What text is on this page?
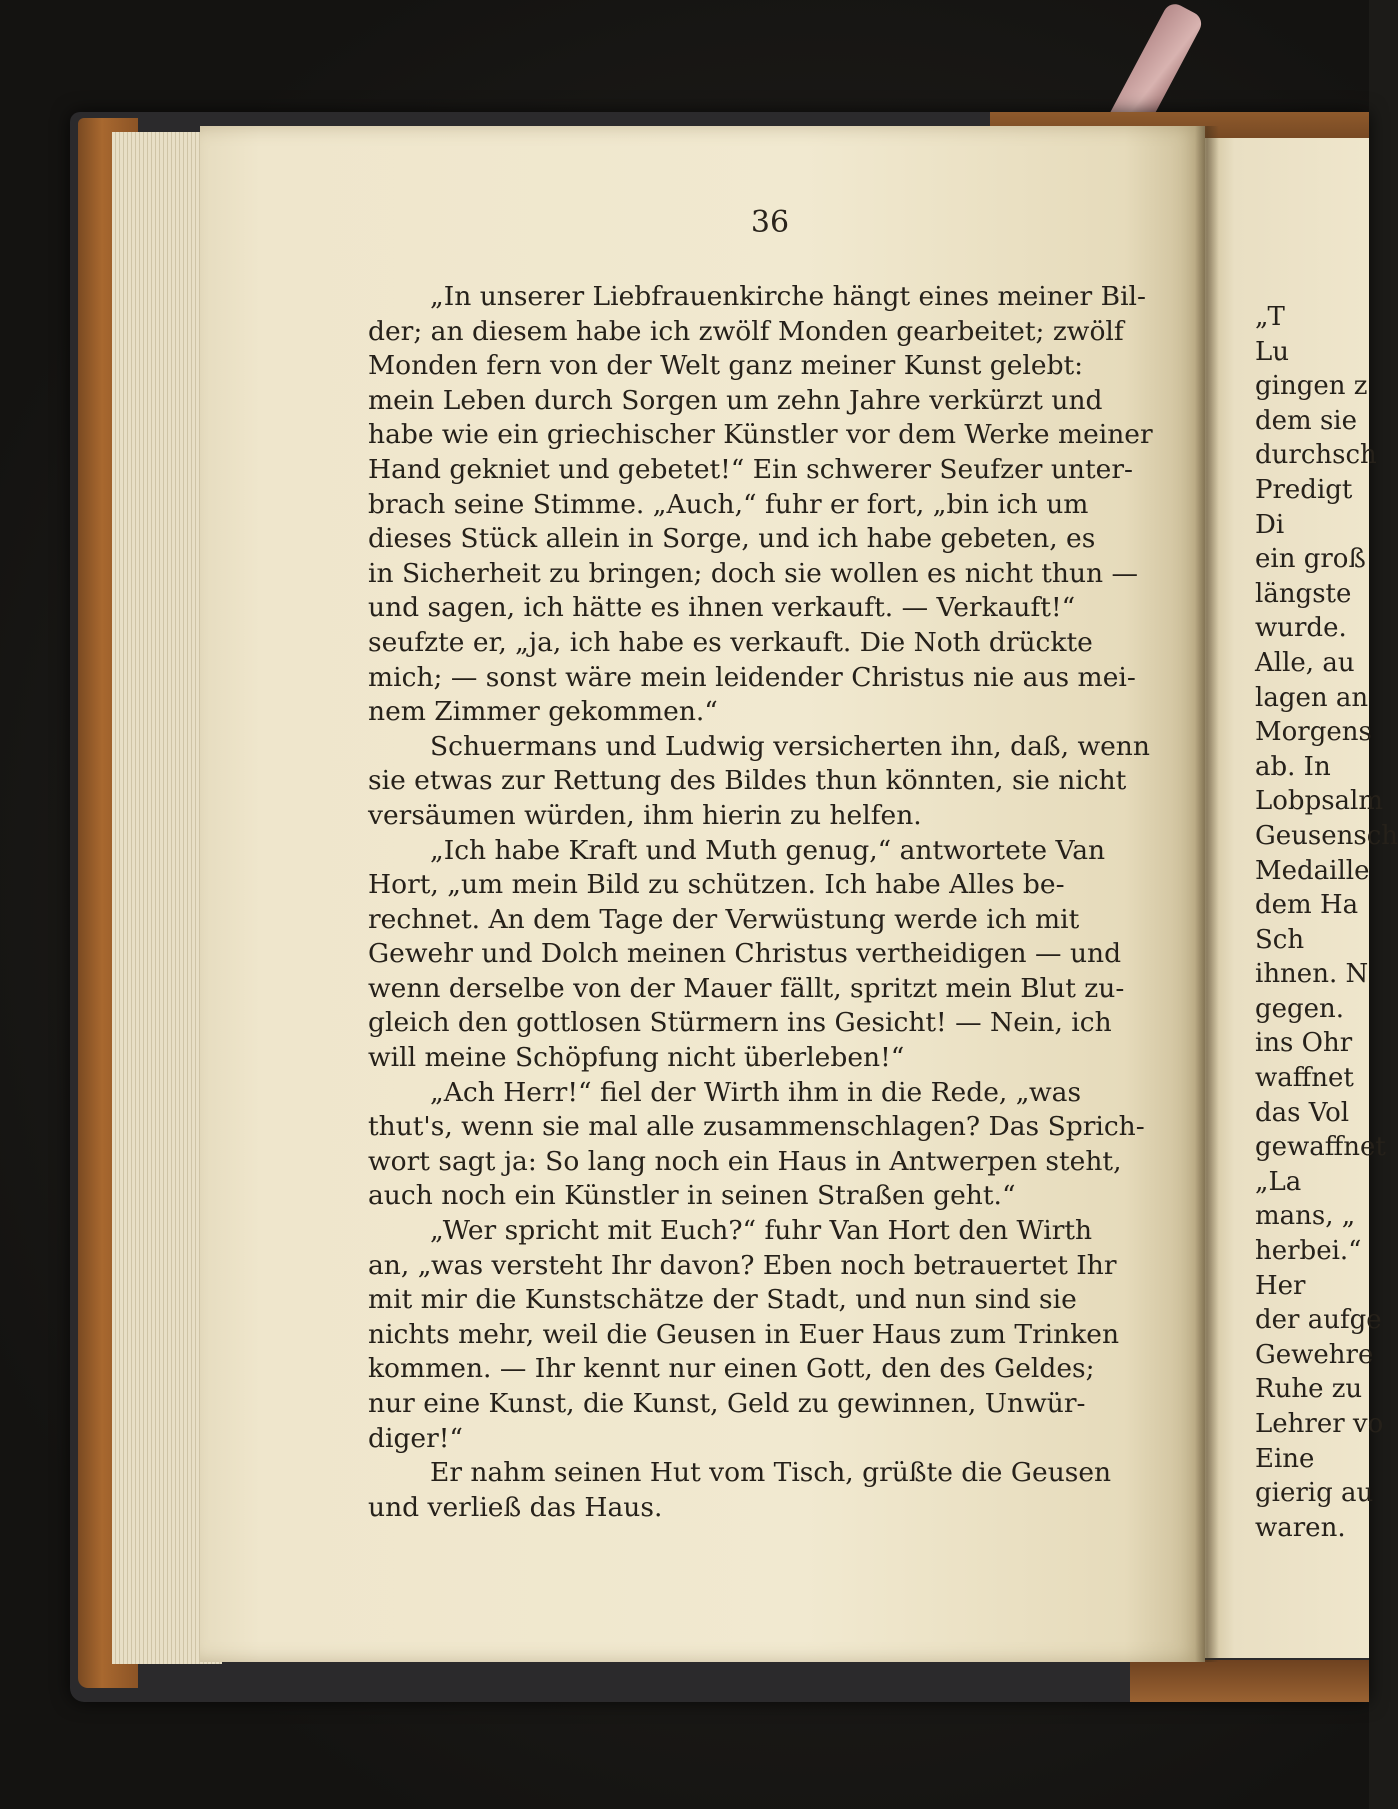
36
„In unserer Liebfrauenkirche hängt eines meiner Bil-
der; an diesem habe ich zwölf Monden gearbeitet; zwölf
Monden fern von der Welt ganz meiner Kunst gelebt:
mein Leben durch Sorgen um zehn Jahre verkürzt und
habe wie ein griechischer Künstler vor dem Werke meiner
Hand gekniet und gebetet!“ Ein schwerer Seufzer unter-
brach seine Stimme. „Auch,“ fuhr er fort, „bin ich um
dieses Stück allein in Sorge, und ich habe gebeten, es
in Sicherheit zu bringen; doch sie wollen es nicht thun —
und sagen, ich hätte es ihnen verkauft. — Verkauft!“
seufzte er, „ja, ich habe es verkauft. Die Noth drückte
mich; — sonst wäre mein leidender Christus nie aus mei-
nem Zimmer gekommen.“
Schuermans und Ludwig versicherten ihn, daß, wenn
sie etwas zur Rettung des Bildes thun könnten, sie nicht
versäumen würden, ihm hierin zu helfen.
„Ich habe Kraft und Muth genug,“ antwortete Van
Hort, „um mein Bild zu schützen. Ich habe Alles be-
rechnet. An dem Tage der Verwüstung werde ich mit
Gewehr und Dolch meinen Christus vertheidigen — und
wenn derselbe von der Mauer fällt, spritzt mein Blut zu-
gleich den gottlosen Stürmern ins Gesicht! — Nein, ich
will meine Schöpfung nicht überleben!“
„Ach Herr!“ fiel der Wirth ihm in die Rede, „was
thut's, wenn sie mal alle zusammenschlagen? Das Sprich-
wort sagt ja: So lang noch ein Haus in Antwerpen steht,
auch noch ein Künstler in seinen Straßen geht.“
„Wer spricht mit Euch?“ fuhr Van Hort den Wirth
an, „was versteht Ihr davon? Eben noch betrauertet Ihr
mit mir die Kunstschätze der Stadt, und nun sind sie
nichts mehr, weil die Geusen in Euer Haus zum Trinken
kommen. — Ihr kennt nur einen Gott, den des Geldes;
nur eine Kunst, die Kunst, Geld zu gewinnen, Unwür-
diger!“
Er nahm seinen Hut vom Tisch, grüßte die Geusen
und verließ das Haus.
„T
Lu
gingen z
dem sie
durchsch
Predigt
Di
ein groß
längste
wurde.
Alle, au
lagen an
Morgens
ab. In
Lobpsalm
Geusensch
Medaille
dem Ha
Sch
ihnen. N
gegen.
ins Ohr
waffnet
das Vol
gewaffnet
„La
mans, „
herbei.“
Her
der aufge
Gewehre
Ruhe zu
Lehrer vo
Eine
gierig au
waren.
